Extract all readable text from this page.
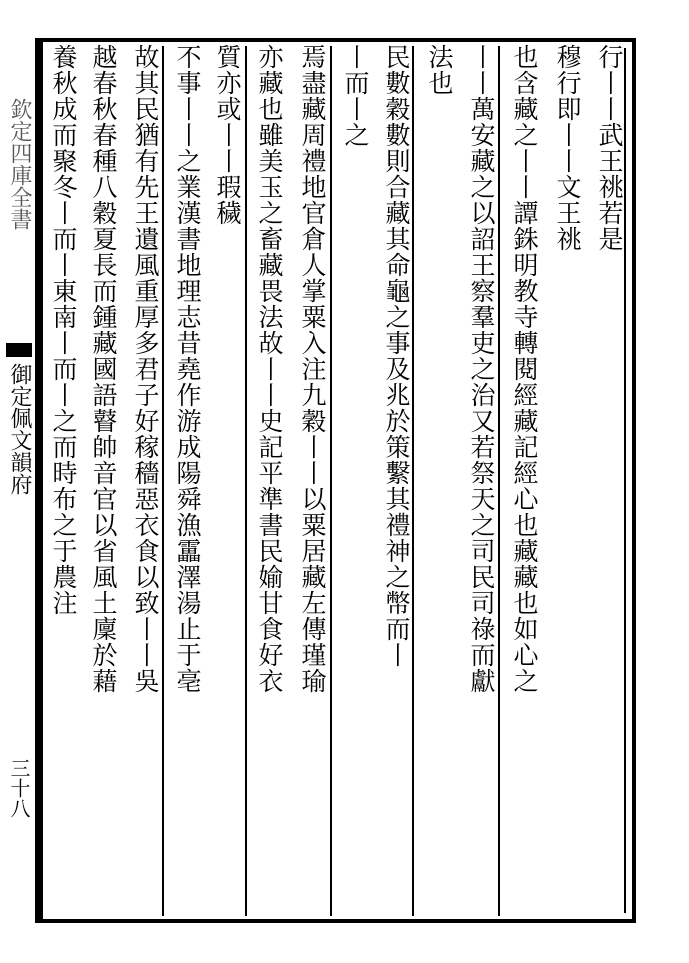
欽定四庫全書
御定佩文韻府
三十八
行丨丨武王祧若是
穆行即丨丨文王祧
也含藏之丨丨譚銖明教寺轉閱經藏記經心也藏藏也如心之
丨丨萬安藏之以詔王察羣吏之治又若祭天之司民司祿而獻
法也
民數穀數則合藏其命龜之事及兆於策繫其禮神之幣而丨
丨而丨之
焉盡藏周禮地官倉人掌粟入注九穀丨丨以粟居藏左傳瑾瑜
亦藏也雖美玉之畜藏畏法故丨丨史記平準書民媮甘食好衣
質亦或丨丨瑕穢
不事丨丨之業漢書地理志昔堯作游成陽舜漁靁澤湯止于亳
故其民猶有先王遺風重厚多君子好稼穡惡衣食以致丨丨吳
越春秋春種八穀夏長而鍾藏國語瞽帥音官以省風土廩於藉
養秋成而聚冬丨而丨東南丨而丨之而時布之于農注
